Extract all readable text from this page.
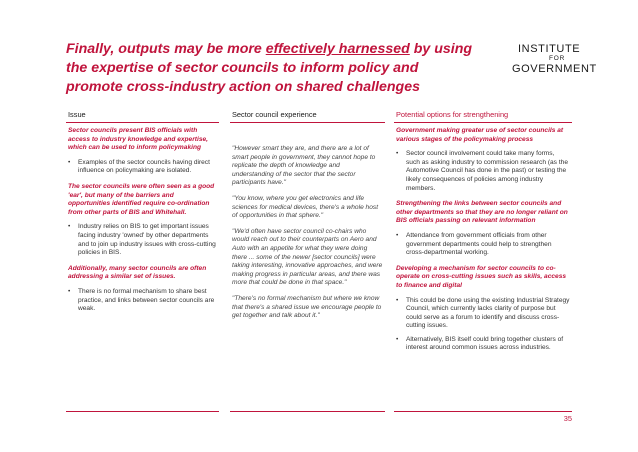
Finally, outputs may be more effectively harnessed by using the expertise of sector councils to inform policy and promote cross-industry action on shared challenges
INSTITUTE
FOR
GOVERNMENT
Issue

Sector councils present BIS officials with access to industry knowledge and expertise, which can be used to inform policymaking

• Examples of the sector councils having direct influence on policymaking are isolated.

The sector councils were often seen as a good 'ear', but many of the barriers and opportunities identified require co-ordination from other parts of BIS and Whitehall.

• Industry relies on BIS to get important issues facing industry 'owned' by other departments and to join up industry issues with cross-cutting policies in BIS.

Additionally, many sector councils are often addressing a similar set of issues.

• There is no formal mechanism to share best practice, and links between sector councils are weak.
Sector council experience

"However smart they are, and there are a lot of smart people in government, they cannot hope to replicate the depth of knowledge and understanding of the sector that the sector participants have."

"You know, where you get electronics and life sciences for medical devices, there's a whole host of opportunities in that sphere."

"We'd often have sector council co-chairs who would reach out to their counterparts on Aero and Auto with an appetite for what they were doing there ... some of the newer [sector councils] were taking interesting, innovative approaches, and were making progress in particular areas, and there was more that could be done in that space."

"There's no formal mechanism but where we know that there's a shared issue we encourage people to get together and talk about it."

Potential options for strengthening

Government making greater use of sector councils at various stages of the policymaking process

• Sector council involvement could take many forms, such as asking industry to commission research (as the Automotive Council has done in the past) or testing the likely consequences of policies among industry members.

Strengthening the links between sector councils and other departments so that they are no longer reliant on BIS officials passing on relevant information

• Attendance from government officials from other government departments could help to strengthen cross-departmental working.

Developing a mechanism for sector councils to co-operate on cross-cutting issues such as skills, access to finance and digital

• This could be done using the existing Industrial Strategy Council, which currently lacks clarity of purpose but could serve as a forum to identify and discuss cross-cutting issues.
• Alternatively, BIS itself could bring together clusters of interest around common issues across industries.
35
